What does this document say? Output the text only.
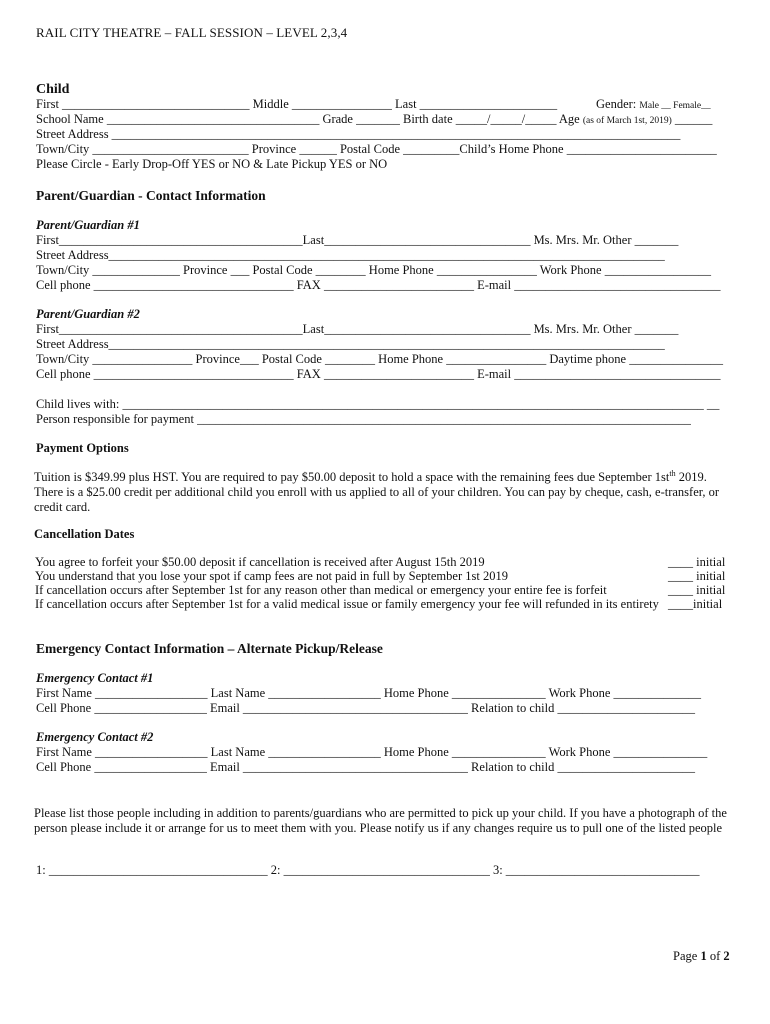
RAIL CITY THEATRE – FALL SESSION – LEVEL 2,3,4
Child
First ______________________________ Middle ________________ Last ______________________	Gender: Male __ Female__
School Name __________________________________ Grade _______ Birth date _____/_____/_____ Age (as of March 1st, 2019) ______
Street Address ___________________________________________________________________________________________
Town/City _________________________ Province ______ Postal Code _________Child’s Home Phone ________________________
Please Circle - Early Drop-Off YES or NO & Late Pickup YES or NO
Parent/Guardian - Contact Information
Parent/Guardian #1
First_______________________________________Last_________________________________ Ms. Mrs. Mr. Other _______
Street Address_________________________________________________________________________________________
Town/City ______________ Province ___ Postal Code ________ Home Phone ________________ Work Phone _________________
Cell phone ________________________________ FAX ________________________ E-mail _________________________________
Parent/Guardian #2
First_______________________________________Last_________________________________ Ms. Mrs. Mr. Other _______
Street Address_________________________________________________________________________________________
Town/City ________________ Province___ Postal Code ________ Home Phone ________________ Daytime phone _______________
Cell phone ________________________________ FAX ________________________ E-mail _________________________________
Child lives with: _____________________________________________________________________________________________ __
Person responsible for payment _______________________________________________________________________________
Payment Options
Tuition is $349.99 plus HST. You are required to pay $50.00 deposit to hold a space with the remaining fees due September $1st^{th}$ 2019.
There is a $25.00 credit per additional child you enroll with us applied to all of your children. You can pay by cheque, cash, e-transfer, or credit card.
Cancellation Dates
You agree to forfeit your $50.00 deposit if cancellation is received after August 15th 2019	____ initial
You understand that you lose your spot if camp fees are not paid in full by September 1st 2019	____ initial
If cancellation occurs after September 1st for any reason other than medical or emergency your entire fee is forfeit	____ initial
If cancellation occurs after September 1st for a valid medical issue or family emergency your fee will refunded in its entirety ____initial
Emergency Contact Information – Alternate Pickup/Release
Emergency Contact #1
First Name __________________ Last Name __________________ Home Phone _______________ Work Phone ______________
Cell Phone __________________ Email ____________________________________ Relation to child ______________________
Emergency Contact #2
First Name __________________ Last Name __________________ Home Phone _______________ Work Phone _______________
Cell Phone __________________ Email ____________________________________ Relation to child ______________________
Please list those people including in addition to parents/guardians who are permitted to pick up your child. If you have a photograph of the person please include it or arrange for us to meet them with you. Please notify us if any changes require us to pull one of the listed people
1: ___________________________________ 2: _________________________________ 3: _______________________________
Page 1 of 2
